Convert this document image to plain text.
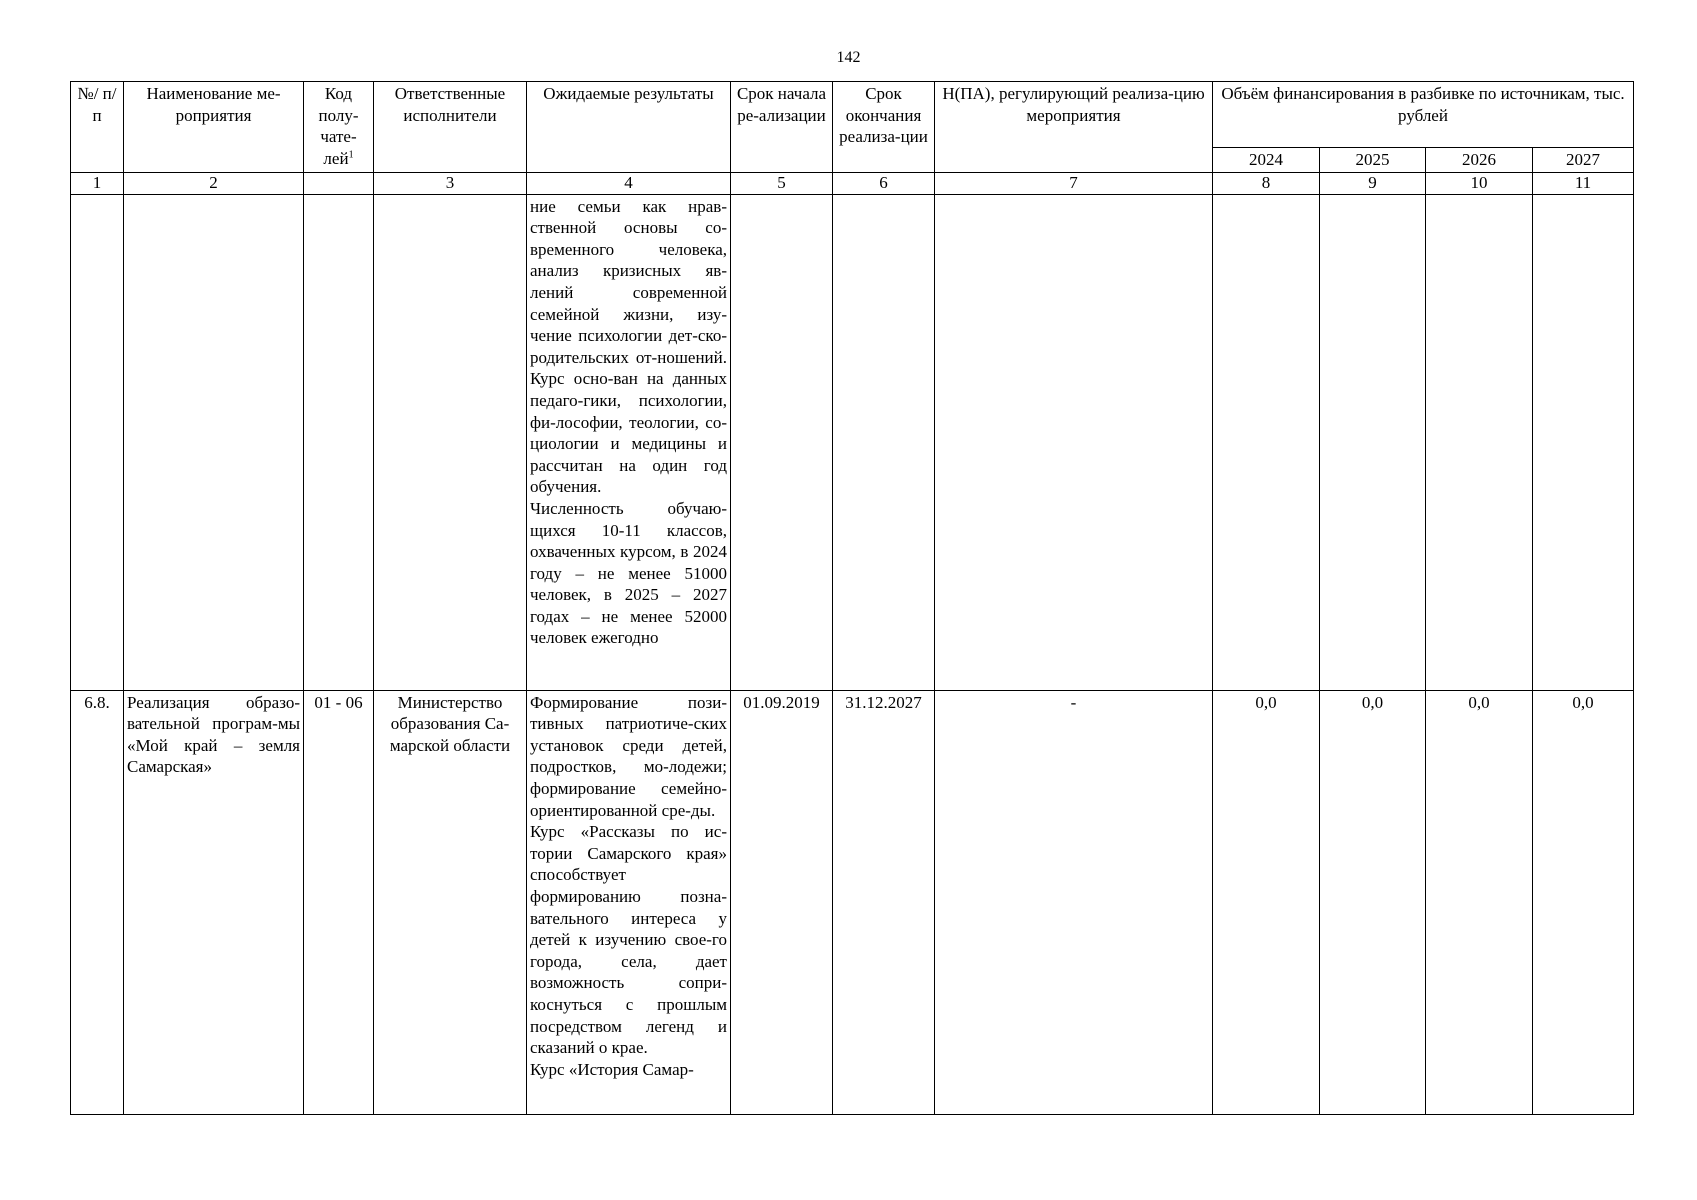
142
№/ п/п	Наименование ме-роприятия	Код полу-чате-лей$^1$	Ответственные исполнители	Ожидаемые результаты	Срок начала ре-ализации	Срок окончания реализа-ции	Н(ПА), регулирующий реализа-цию мероприятия	Объём финансирования в разбивке по источникам, тыс. рублей			
								2024	2025	2026	2027
1	2		3	4	5	6	7	8	9	10	11

				ние семьи как нрав-ственной основы со-временного человека, анализ кризисных яв-лений современной семейной жизни, изу-чение психологии дет-ско-родительских от-ношений. Курс осно-ван на данных педаго-гики, психологии, фи-лософии, теологии, со-циологии и медицины и рассчитан на один год обучения.
Численность обучаю-щихся 10-11 классов, охваченных курсом, в 2024 году – не менее 51000 человек, в 2025 – 2027 годах – не менее 52000 человек ежегодно							

6.8.	Реализация образо-вательной програм-мы «Мой край – земля Самарская»	01 - 06	Министерство образования Са-марской области	Формирование пози-тивных патриотиче-ских установок среди детей, подростков, мо-лодежи; формирование семейно-ориентированной сре-ды.
Курс «Рассказы по ис-тории Самарского края» способствует формированию позна-вательного интереса у детей к изучению свое-го города, села, дает возможность сопри-коснуться с прошлым посредством легенд и сказаний о крае.
Курс «История Самар-	01.09.2019	31.12.2027	-	0,0	0,0	0,0	0,0
